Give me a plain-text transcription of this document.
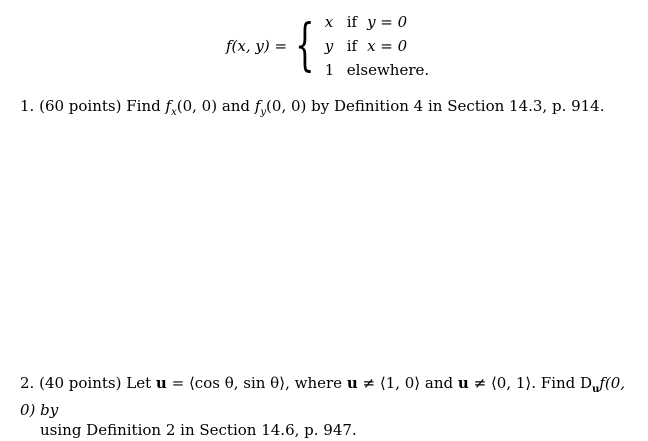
f(x, y) = { x if y = 0
y if x = 0
1 elsewhere.
1. (60 points) Find $f_x(0$, 0) and $f_y(0$, 0) by Definition 4 in Section 14.3, p. 914.
2. (40 points) Let u = ⟨cos θ, sin θ⟩, where u ≠ ⟨1, 0⟩ and u ≠ ⟨0, 1⟩. Find $D_uf(0$, 0) by
using Definition 2 in Section 14.6, p. 947.
